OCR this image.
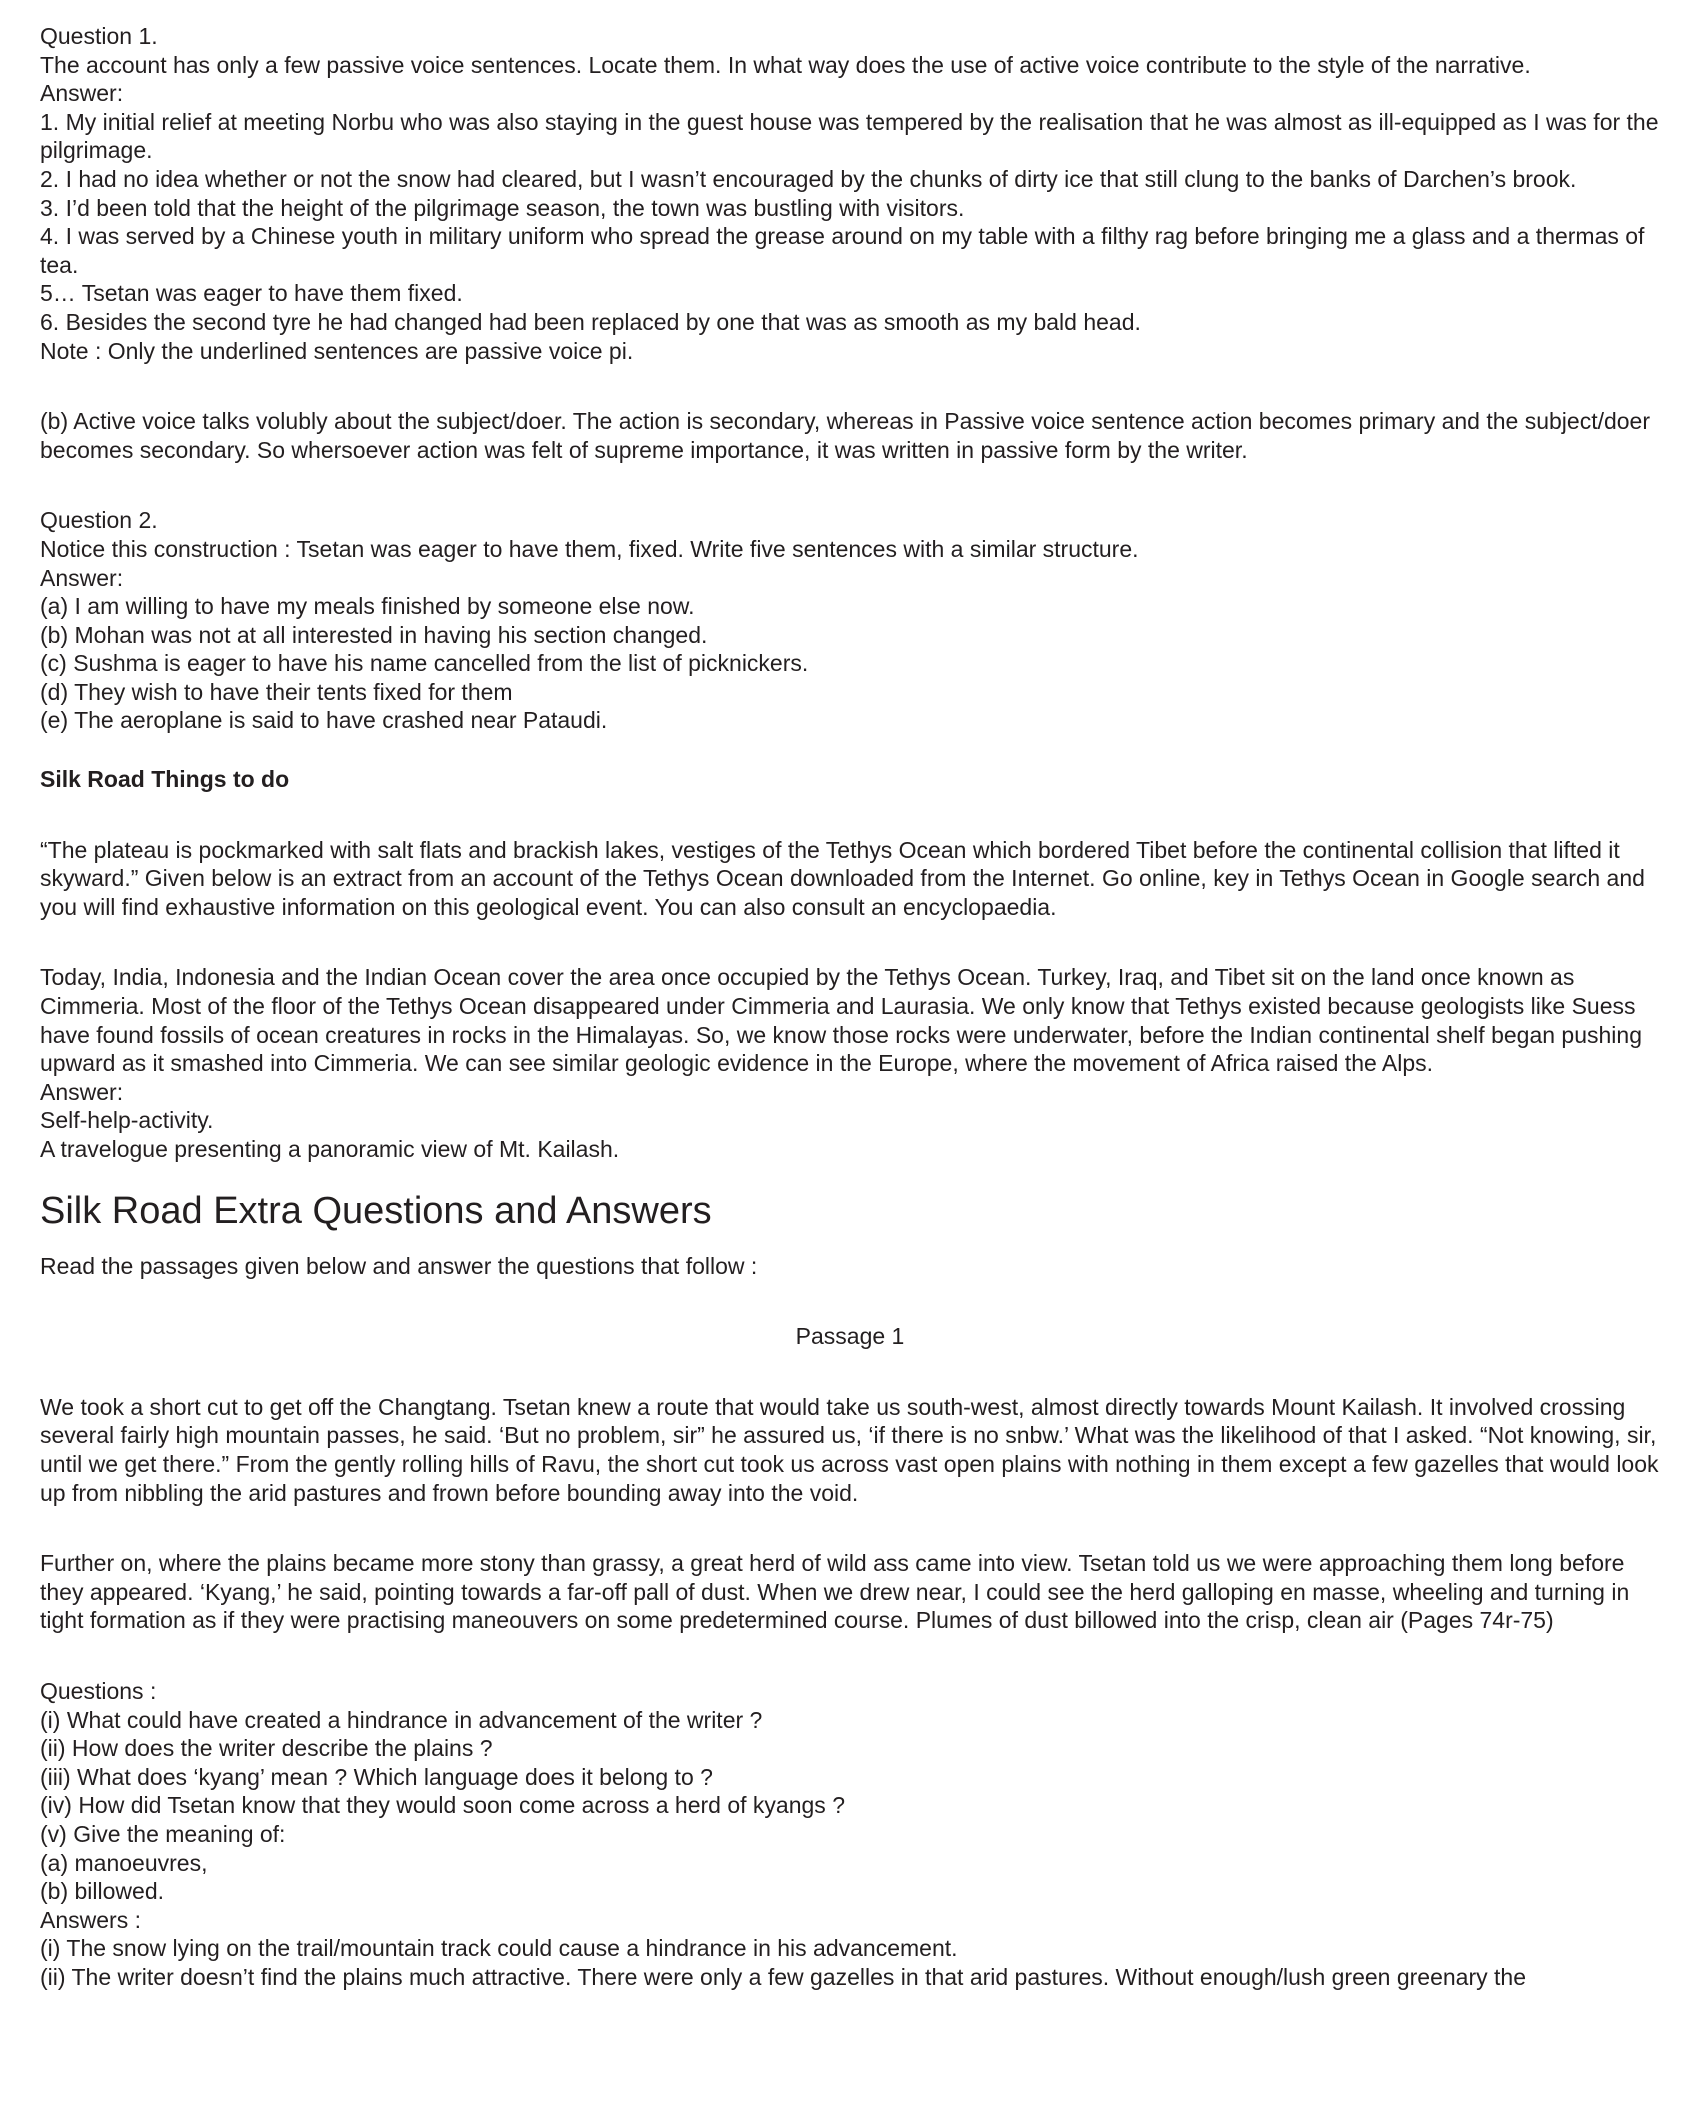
Question 1.

The account has only a few passive voice sentences. Locate them. In what way does the use of active voice contribute to the style of the narrative.

Answer:

1. My initial relief at meeting Norbu who was also staying in the guest house was tempered by the realisation that he was almost as ill-equipped as I was for the pilgrimage.

2. I had no idea whether or not the snow had cleared, but I wasn’t encouraged by the chunks of dirty ice that still clung to the banks of Darchen’s brook.

3. I’d been told that the height of the pilgrimage season, the town was bustling with visitors.

4. I was served by a Chinese youth in military uniform who spread the grease around on my table with a filthy rag before bringing me a glass and a thermas of tea.

5… Tsetan was eager to have them fixed.

6. Besides the second tyre he had changed had been replaced by one that was as smooth as my bald head.

Note : Only the underlined sentences are passive voice pi.

(b) Active voice talks volubly about the subject/doer. The action is secondary, whereas in Passive voice sentence action becomes primary and the subject/doer becomes secondary. So whersoever action was felt of supreme importance, it was written in passive form by the writer.

Question 2.

Notice this construction : Tsetan was eager to have them, fixed. Write five sentences with a similar structure.

Answer:

(a) I am willing to have my meals finished by someone else now.

(b) Mohan was not at all interested in having his section changed.

(c) Sushma is eager to have his name cancelled from the list of picknickers.

(d) They wish to have their tents fixed for them

(e) The aeroplane is said to have crashed near Pataudi.

Silk Road Things to do

“The plateau is pockmarked with salt flats and brackish lakes, vestiges of the Tethys Ocean which bordered Tibet before the continental collision that lifted it skyward.” Given below is an extract from an account of the Tethys Ocean downloaded from the Internet. Go online, key in Tethys Ocean in Google search and you will find exhaustive information on this geological event. You can also consult an encyclopaedia.

Today, India, Indonesia and the Indian Ocean cover the area once occupied by the Tethys Ocean. Turkey, Iraq, and Tibet sit on the land once known as Cimmeria. Most of the floor of the Tethys Ocean disappeared under Cimmeria and Laurasia. We only know that Tethys existed because geologists like Suess have found fossils of ocean creatures in rocks in the Himalayas. So, we know those rocks were underwater, before the Indian continental shelf began pushing upward as it smashed into Cimmeria. We can see similar geologic evidence in the Europe, where the movement of Africa raised the Alps.

Answer:

Self-help-activity.

A travelogue presenting a panoramic view of Mt. Kailash.

Silk Road Extra Questions and Answers

Read the passages given below and answer the questions that follow :

Passage 1

We took a short cut to get off the Changtang. Tsetan knew a route that would take us south-west, almost directly towards Mount Kailash. It involved crossing several fairly high mountain passes, he said. ‘But no problem, sir” he assured us, ‘if there is no snbw.’ What was the likelihood of that I asked. “Not knowing, sir, until we get there.” From the gently rolling hills of Ravu, the short cut took us across vast open plains with nothing in them except a few gazelles that would look up from nibbling the arid pastures and frown before bounding away into the void.

Further on, where the plains became more stony than grassy, a great herd of wild ass came into view. Tsetan told us we were approaching them long before they appeared. ‘Kyang,’ he said, pointing towards a far-off pall of dust. When we drew near, I could see the herd galloping en masse, wheeling and turning in tight formation as if they were practising maneouvers on some predetermined course. Plumes of dust billowed into the crisp, clean air (Pages 74r-75)

Questions :

(i) What could have created a hindrance in advancement of the writer ?

(ii) How does the writer describe the plains ?

(iii) What does ‘kyang’ mean ? Which language does it belong to ?

(iv) How did Tsetan know that they would soon come across a herd of kyangs ?

(v) Give the meaning of:

(a) manoeuvres,

(b) billowed.

Answers :

(i) The snow lying on the trail/mountain track could cause a hindrance in his advancement.

(ii) The writer doesn’t find the plains much attractive. There were only a few gazelles in that arid pastures. Without enough/lush green greenary the
